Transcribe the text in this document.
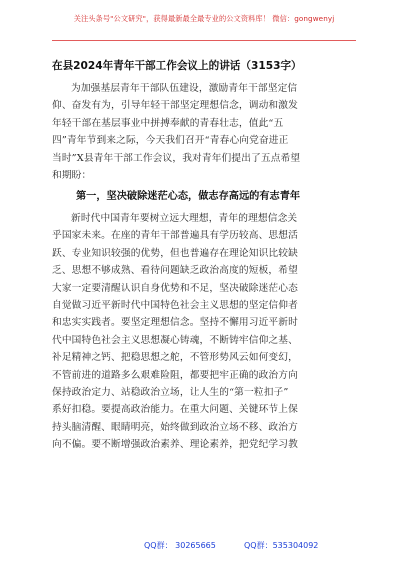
关注头条号"公文研究"，获得最新最全最专业的公文资料库！ 微信：gongwenyj
在县2024年青年干部工作会议上的讲话（3153字）
为加强基层青年干部队伍建设，激励青年干部坚定信
仰、奋发有为，引导年轻干部坚定理想信念，调动和激发
年轻干部在基层事业中拼搏奉献的青春壮志，值此“五
四”青年节到来之际，今天我们召开“青春心向党奋进正
当时”X县青年干部工作会议，我对青年们提出了五点希望
和期盼：
第一，坚决破除迷茫心态，做志存高远的有志青年
新时代中国青年要树立远大理想，青年的理想信念关
乎国家未来。在座的青年干部普遍具有学历较高、思想活
跃、专业知识较强的优势，但也普遍存在理论知识比较缺
乏、思想不够成熟、看待问题缺乏政治高度的短板，希望
大家一定要清醒认识自身优势和不足，坚决破除迷茫心态
自觉做习近平新时代中国特色社会主义思想的坚定信仰者
和忠实实践者。要坚定理想信念。坚持不懈用习近平新时
代中国特色社会主义思想凝心铸魂，不断铸牢信仰之基、
补足精神之钙、把稳思想之舵，不管形势风云如何变幻，
不管前进的道路多么艰难险阻，都要把牢正确的政治方向
保持政治定力、站稳政治立场，让人生的“第一粒扣子”
系好扣稳。要提高政治能力。在重大问题、关键环节上保
持头脑清醒、眼睛明亮，始终做到政治立场不移、政治方
向不偏。要不断增强政治素养、理论素养，把党纪学习教
QQ群： 30265665	QQ群：535304092
